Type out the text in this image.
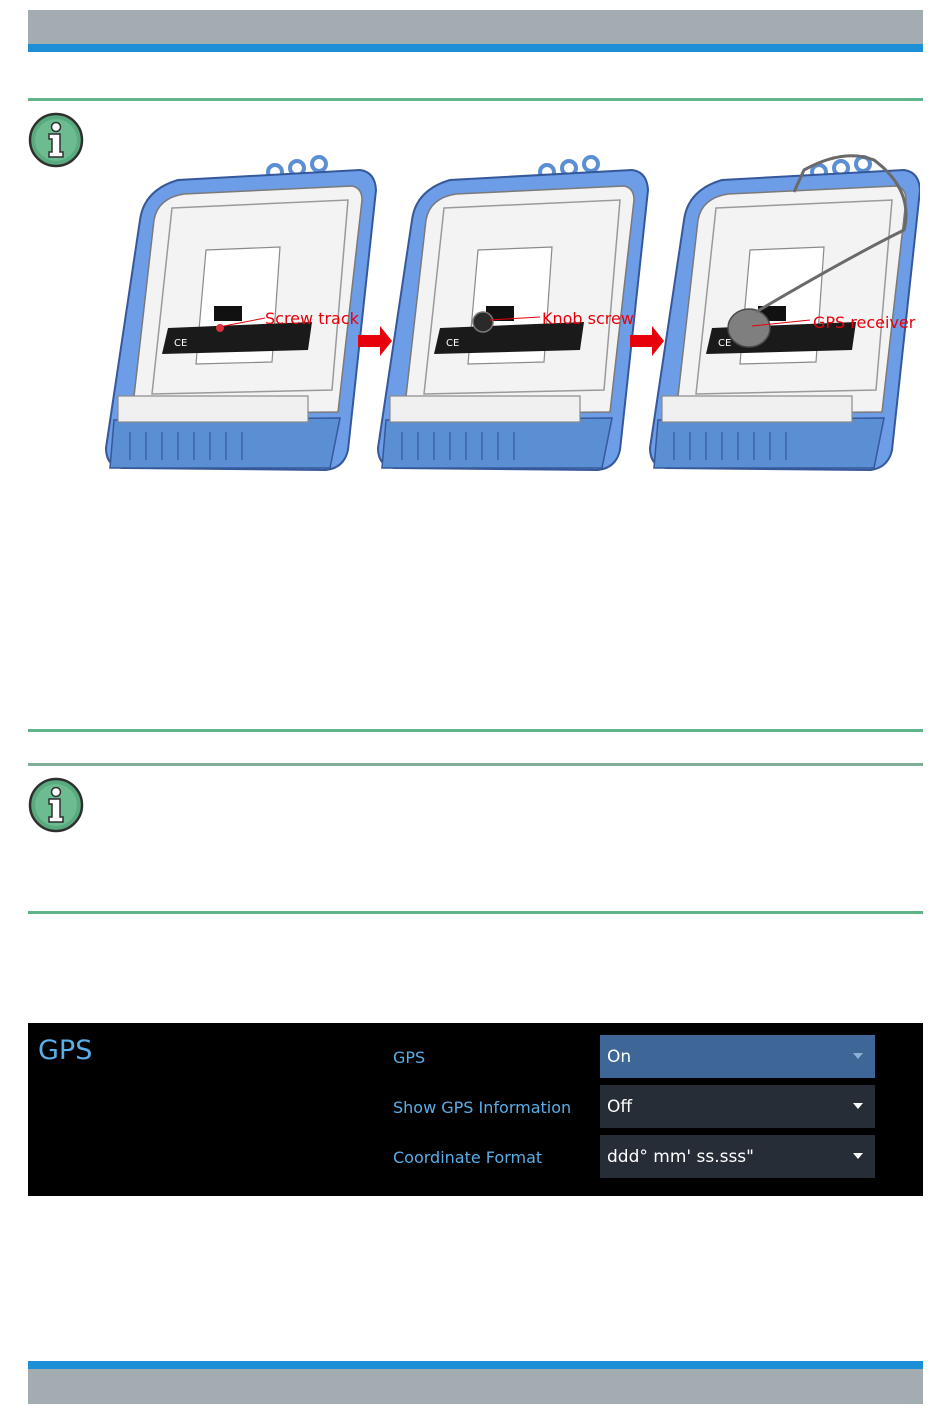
Screw track	Knob screw	GPS receiver
GPS	GPS	On
Show GPS Information	Off
Coordinate Format	ddd° mm' ss.sss"
